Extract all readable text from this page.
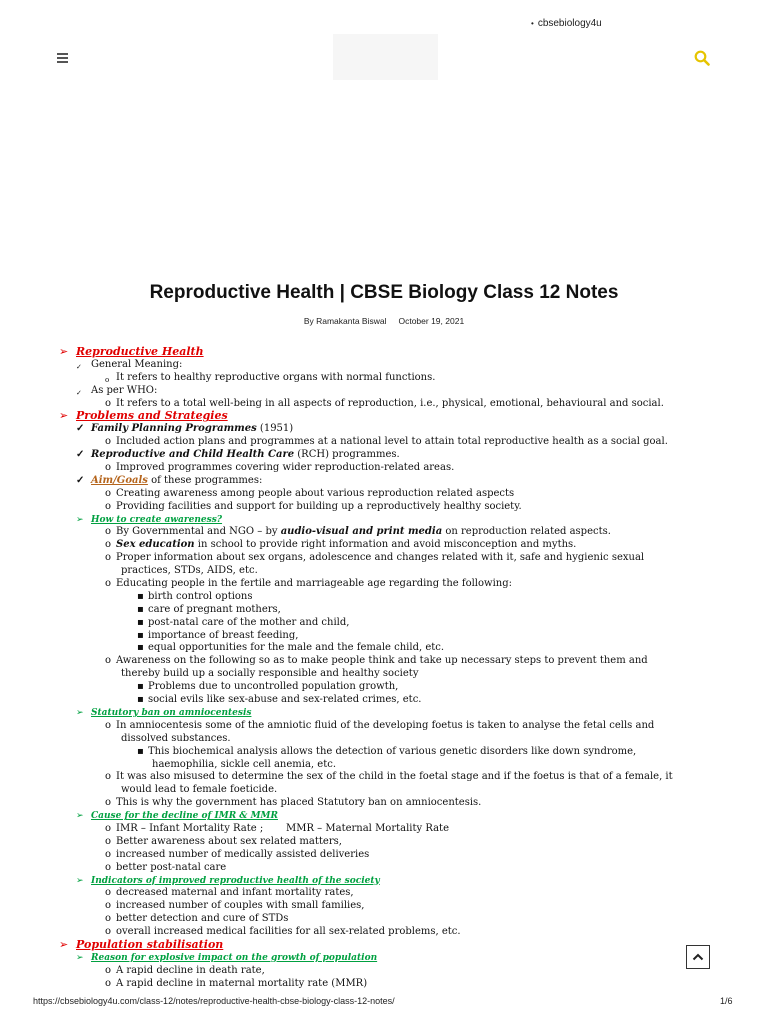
• cbsebiology4u
Reproductive Health | CBSE Biology Class 12 Notes
By Ramakanta Biswal October 19, 2021
➢ Reproductive Health
✓ General Meaning:
o It refers to healthy reproductive organs with normal functions.
✓ As per WHO:
o It refers to a total well-being in all aspects of reproduction, i.e., physical, emotional, behavioural and social.
➢ Problems and Strategies
✓ Family Planning Programmes (1951)
o Included action plans and programmes at a national level to attain total reproductive health as a social goal.
✓ Reproductive and Child Health Care (RCH) programmes.
o Improved programmes covering wider reproduction-related areas.
✓ Aim/Goals of these programmes:
o Creating awareness among people about various reproduction related aspects
o Providing facilities and support for building up a reproductively healthy society.
➢ How to create awareness?
o By Governmental and NGO – by audio-visual and print media on reproduction related aspects.
o Sex education in school to provide right information and avoid misconception and myths.
o Proper information about sex organs, adolescence and changes related with it, safe and hygienic sexual
practices, STDs, AIDS, etc.
o Educating people in the fertile and marriageable age regarding the following:
▪ birth control options
▪ care of pregnant mothers,
▪ post-natal care of the mother and child,
▪ importance of breast feeding,
▪ equal opportunities for the male and the female child, etc.
o Awareness on the following so as to make people think and take up necessary steps to prevent them and
thereby build up a socially responsible and healthy society
▪ Problems due to uncontrolled population growth,
▪ social evils like sex-abuse and sex-related crimes, etc.
➢ Statutory ban on amniocentesis
o In amniocentesis some of the amniotic fluid of the developing foetus is taken to analyse the fetal cells and
dissolved substances.
▪ This biochemical analysis allows the detection of various genetic disorders like down syndrome,
haemophilia, sickle cell anemia, etc.
o It was also misused to determine the sex of the child in the foetal stage and if the foetus is that of a female, it
would lead to female foeticide.
o This is why the government has placed Statutory ban on amniocentesis.
➢ Cause for the decline of IMR & MMR
o IMR – Infant Mortality Rate ; MMR – Maternal Mortality Rate
o Better awareness about sex related matters,
o increased number of medically assisted deliveries
o better post-natal care
➢ Indicators of improved reproductive health of the society
o decreased maternal and infant mortality rates,
o increased number of couples with small families,
o better detection and cure of STDs
o overall increased medical facilities for all sex-related problems, etc.
➢ Population stabilisation
➢ Reason for explosive impact on the growth of population
o A rapid decline in death rate,
o A rapid decline in maternal mortality rate (MMR)
https://cbsebiology4u.com/class-12/notes/reproductive-health-cbse-biology-class-12-notes/	1/6
